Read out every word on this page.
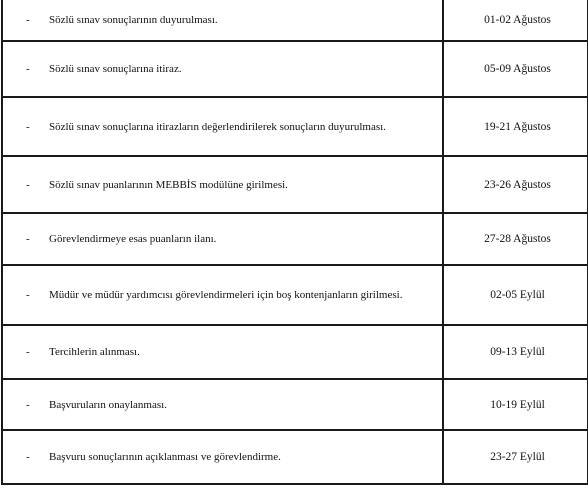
- Sözlü sınav sonuçlarının duyurulması.	01-02 Ağustos

- Sözlü sınav sonuçlarına itiraz.	05-09 Ağustos

- Sözlü sınav sonuçlarına itirazların değerlendirilerek sonuçların duyurulması.	19-21 Ağustos

- Sözlü sınav puanlarının MEBBİS modülüne girilmesi.	23-26 Ağustos

- Görevlendirmeye esas puanların ilanı.	27-28 Ağustos

- Müdür ve müdür yardımcısı görevlendirmeleri için boş kontenjanların girilmesi.	02-05 Eylül

- Tercihlerin alınması.	09-13 Eylül

- Başvuruların onaylanması.	10-19 Eylül

- Başvuru sonuçlarının açıklanması ve görevlendirme.	23-27 Eylül
